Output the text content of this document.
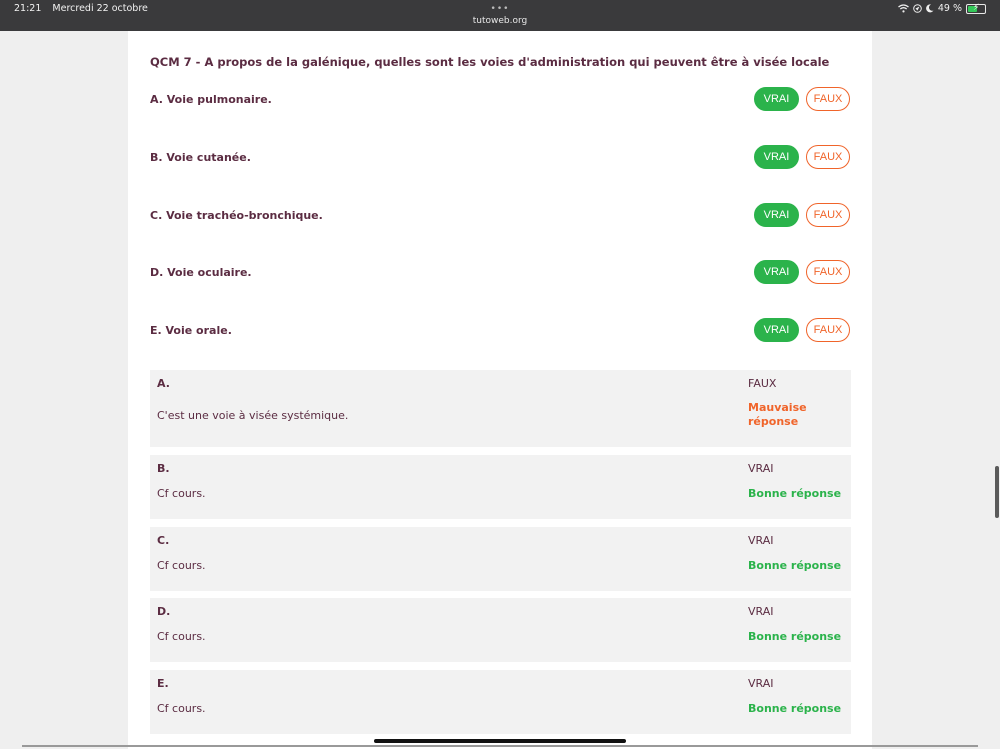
21:21 Mercredi 22 octobre	•••
tutoweb.org
49 % ⚡
QCM 7 - A propos de la galénique, quelles sont les voies d'administration qui peuvent être à visée locale
A. Voie pulmonaire.	VRAI	FAUX
B. Voie cutanée.	VRAI	FAUX
C. Voie trachéo-bronchique.	VRAI	FAUX
D. Voie oculaire.	VRAI	FAUX
E. Voie orale.	VRAI	FAUX
A.
C'est une voie à visée systémique.
FAUX
Mauvaise réponse
B.
Cf cours.
VRAI
Bonne réponse
C.
Cf cours.
VRAI
Bonne réponse
D.
Cf cours.
VRAI
Bonne réponse
E.
Cf cours.
VRAI
Bonne réponse
